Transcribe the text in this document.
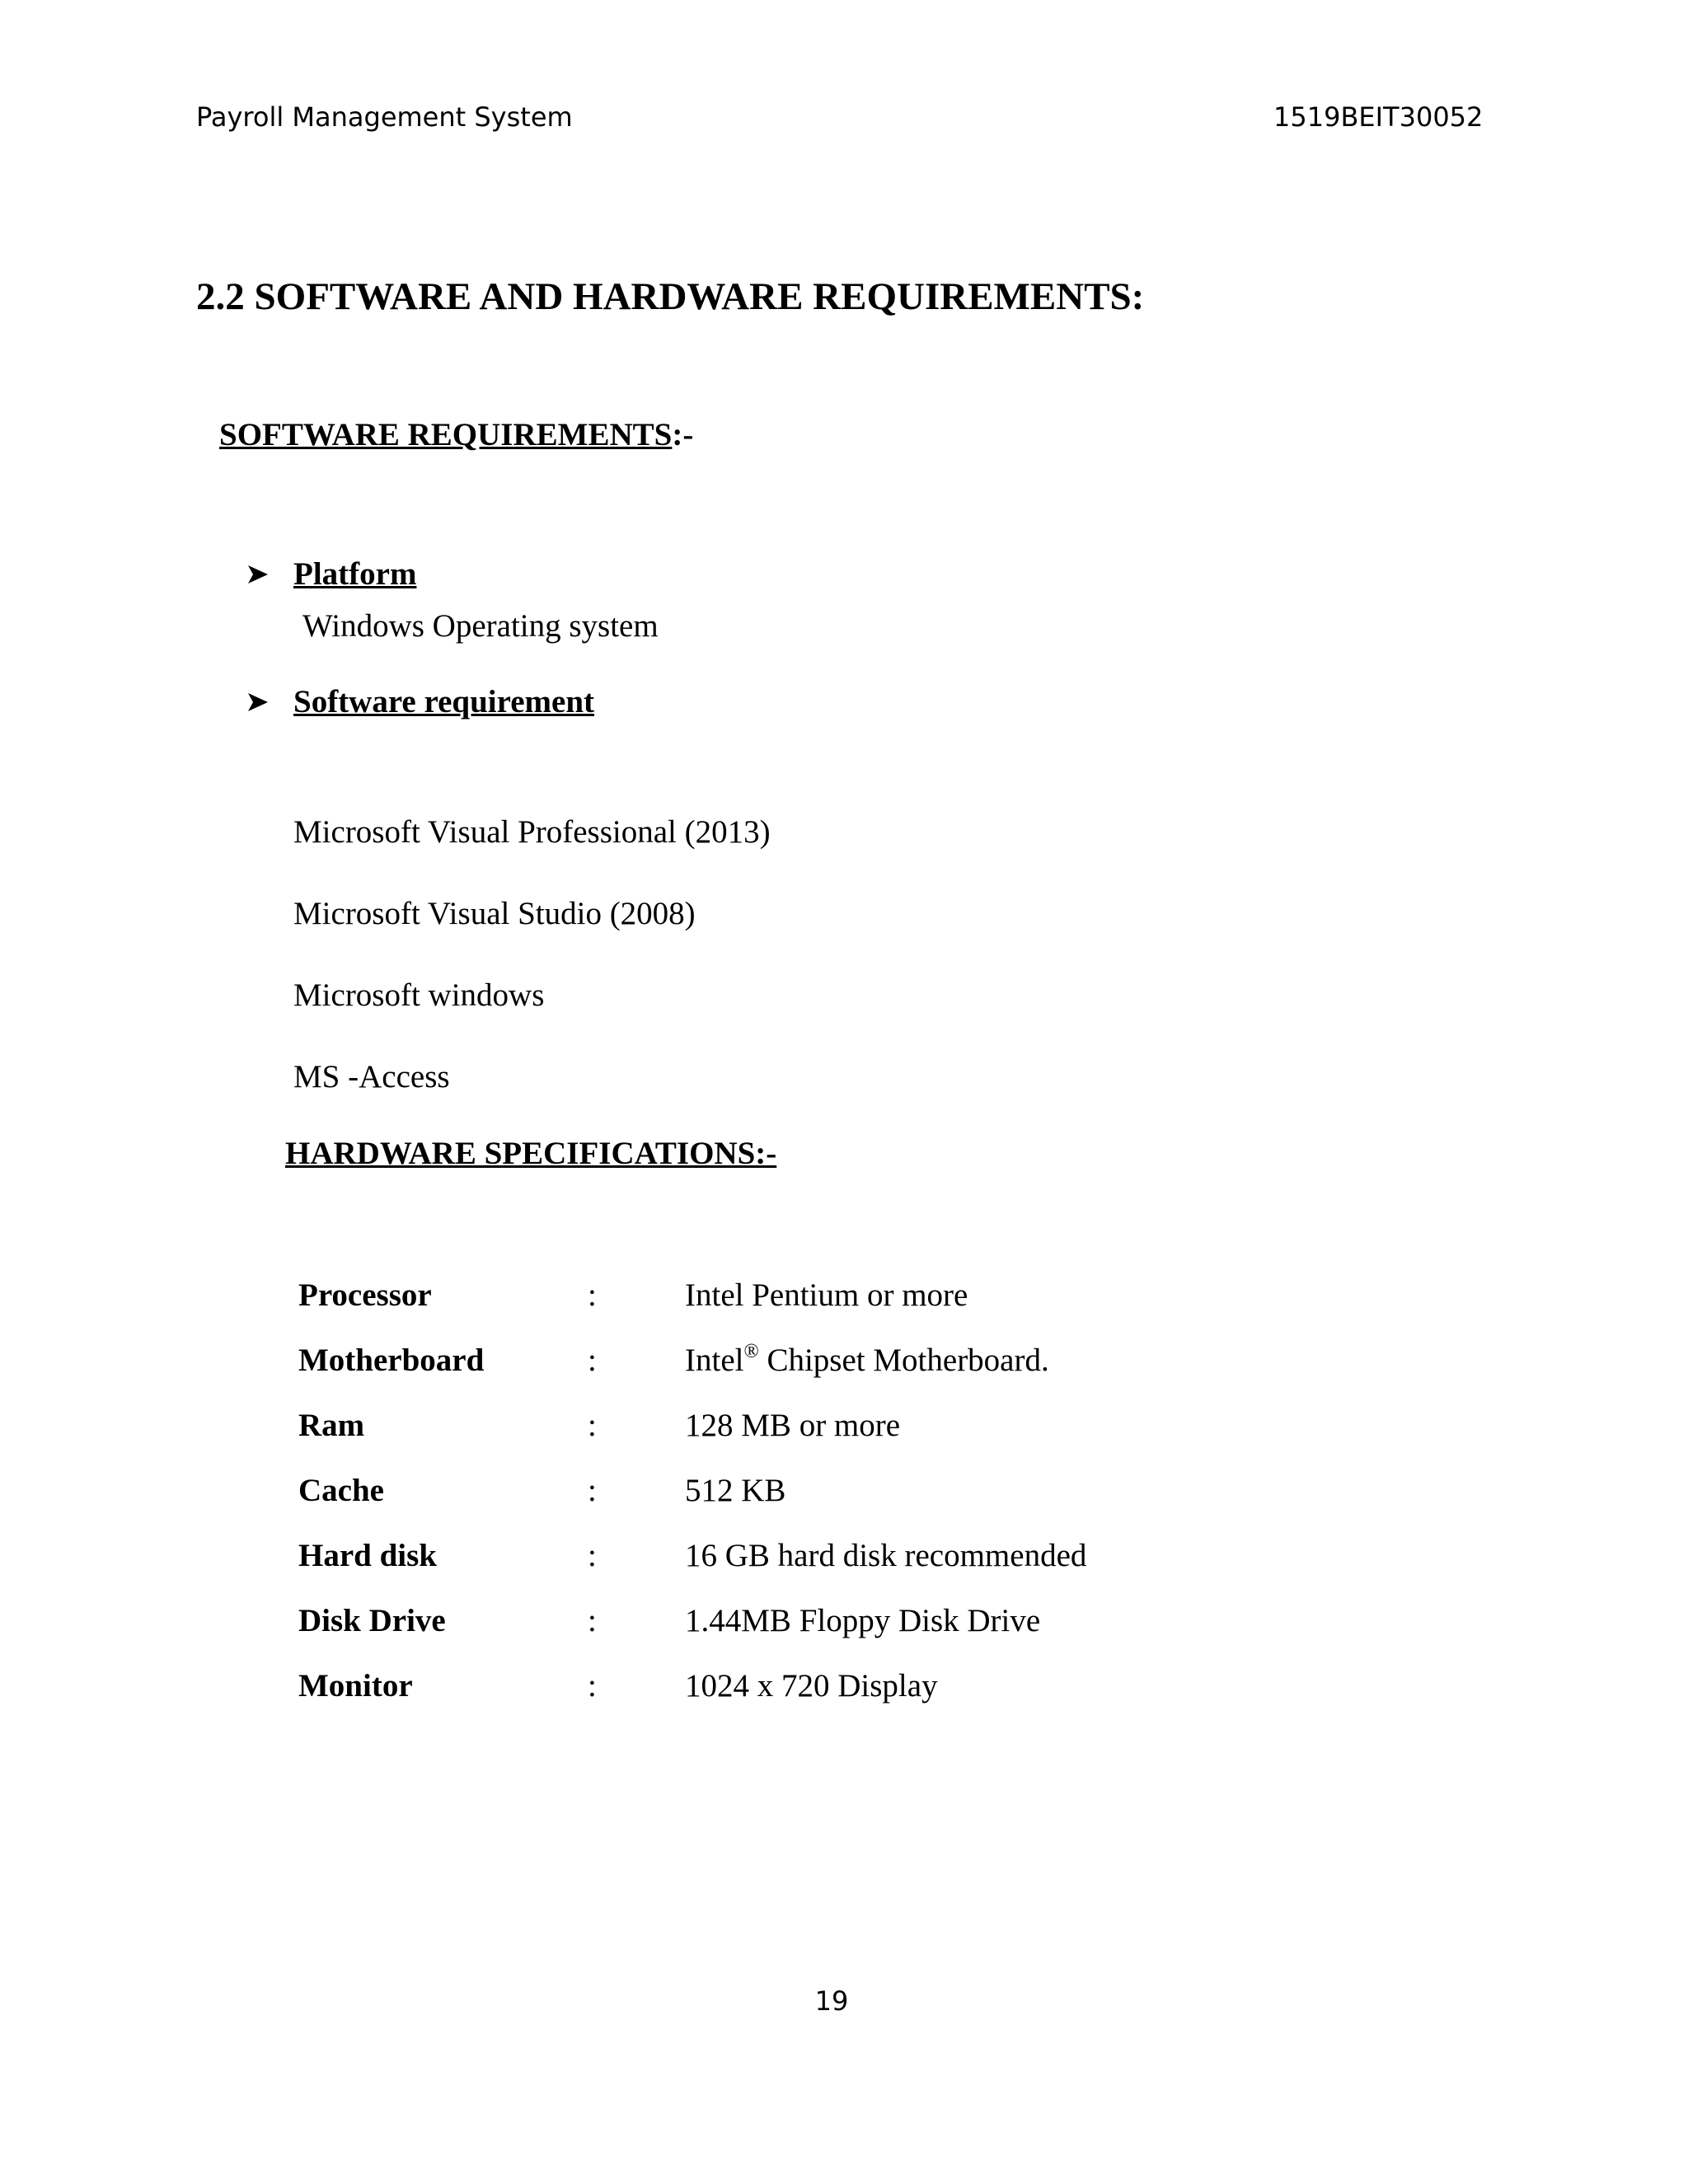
Payroll Management System	1519BEIT30052
2.2 SOFTWARE AND HARDWARE REQUIREMENTS:
SOFTWARE REQUIREMENTS:-
Platform
Windows Operating system
Software requirement
Microsoft Visual Professional (2013)
Microsoft Visual Studio (2008)
Microsoft windows
MS -Access
HARDWARE SPECIFICATIONS:-
Processor	:	Intel Pentium or more
Motherboard	:	Intel® Chipset Motherboard.
Ram	:	128 MB or more
Cache	:	512 KB
Hard disk	:	16 GB hard disk recommended
Disk Drive	:	1.44MB Floppy Disk Drive
Monitor	:	1024 x 720 Display
19
